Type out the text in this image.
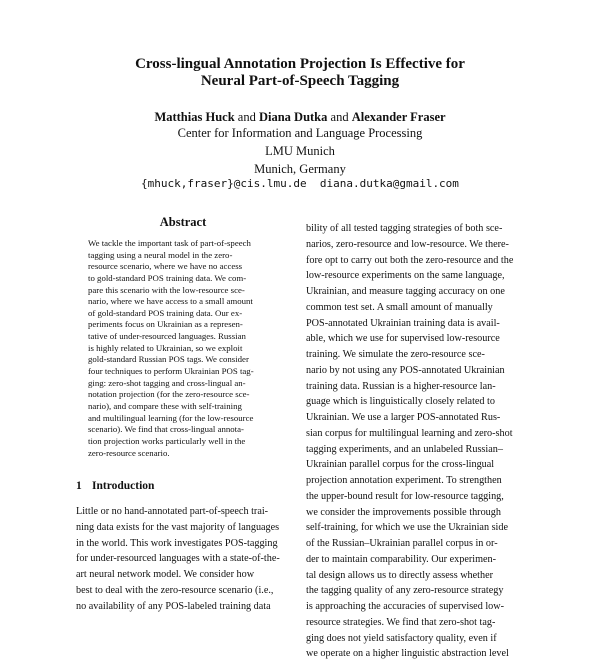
Cross-lingual Annotation Projection Is Effective for
Neural Part-of-Speech Tagging
Matthias Huck and Diana Dutka and Alexander Fraser
Center for Information and Language Processing
LMU Munich
Munich, Germany
{mhuck,fraser}@cis.lmu.de  diana.dutka@gmail.com
Abstract
We tackle the important task of part-of-speech
tagging using a neural model in the zero-
resource scenario, where we have no access
to gold-standard POS training data. We com-
pare this scenario with the low-resource sce-
nario, where we have access to a small amount
of gold-standard POS training data. Our ex-
periments focus on Ukrainian as a represen-
tative of under-resourced languages. Russian
is highly related to Ukrainian, so we exploit
gold-standard Russian POS tags. We consider
four techniques to perform Ukrainian POS tag-
ging: zero-shot tagging and cross-lingual an-
notation projection (for the zero-resource sce-
nario), and compare these with self-training
and multilingual learning (for the low-resource
scenario). We find that cross-lingual annota-
tion projection works particularly well in the
zero-resource scenario.
1 Introduction
Little or no hand-annotated part-of-speech trai-
ning data exists for the vast majority of languages
in the world. This work investigates POS-tagging
for under-resourced languages with a state-of-the-
art neural network model. We consider how
best to deal with the zero-resource scenario (i.e.,
no availability of any POS-labeled training data
bility of all tested tagging strategies of both sce-
narios, zero-resource and low-resource. We there-
fore opt to carry out both the zero-resource and the
low-resource experiments on the same language,
Ukrainian, and measure tagging accuracy on one
common test set. A small amount of manually
POS-annotated Ukrainian training data is avail-
able, which we use for supervised low-resource
training. We simulate the zero-resource sce-
nario by not using any POS-annotated Ukrainian
training data. Russian is a higher-resource lan-
guage which is linguistically closely related to
Ukrainian. We use a larger POS-annotated Rus-
sian corpus for multilingual learning and zero-shot
tagging experiments, and an unlabeled Russian–
Ukrainian parallel corpus for the cross-lingual
projection annotation experiment. To strengthen
the upper-bound result for low-resource tagging,
we consider the improvements possible through
self-training, for which we use the Ukrainian side
of the Russian–Ukrainian parallel corpus in or-
der to maintain comparability. Our experimen-
tal design allows us to directly assess whether
the tagging quality of any zero-resource strategy
is approaching the accuracies of supervised low-
resource strategies. We find that zero-shot tag-
ging does not yield satisfactory quality, even if
we operate on a higher linguistic abstraction level
